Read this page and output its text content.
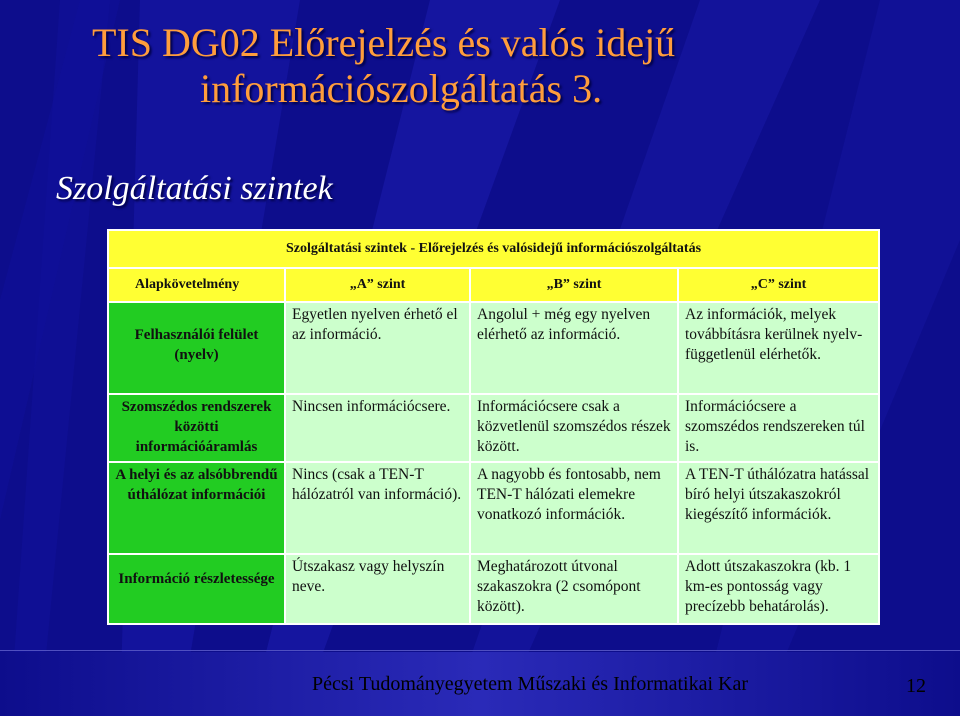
TIS DG02 Előrejelzés és valós idejű
információszolgáltatás 3.
Szolgáltatási szintek
Szolgáltatási szintek - Előrejelzés és valósidejű információszolgáltatás			
Alapkövetelmény	„A” szint	„B” szint	„C” szint
Felhasználói felület (nyelv)	Egyetlen nyelven érhető el az információ.	Angolul + még egy nyelven elérhető az információ.	Az információk, melyek továbbításra kerülnek nyelv-függetlenül elérhetők.
Szomszédos rendszerek közötti információáramlás	Nincsen információcsere.	Információcsere csak a közvetlenül szomszédos részek között.	Információcsere a szomszédos rendszereken túl is.
A helyi és az alsóbbrendű úthálózat információi	Nincs (csak a TEN-T hálózatról van információ).	A nagyobb és fontosabb, nem TEN-T hálózati elemekre vonatkozó információk.	A TEN-T úthálózatra hatással bíró helyi útszakaszokról kiegészítő információk.
Információ részletessége	Útszakasz vagy helyszín neve.	Meghatározott útvonal szakaszokra (2 csomópont között).	Adott útszakaszokra (kb. 1 km-es pontosság vagy precízebb behatárolás).
Pécsi Tudományegyetem Műszaki és Informatikai Kar	12
